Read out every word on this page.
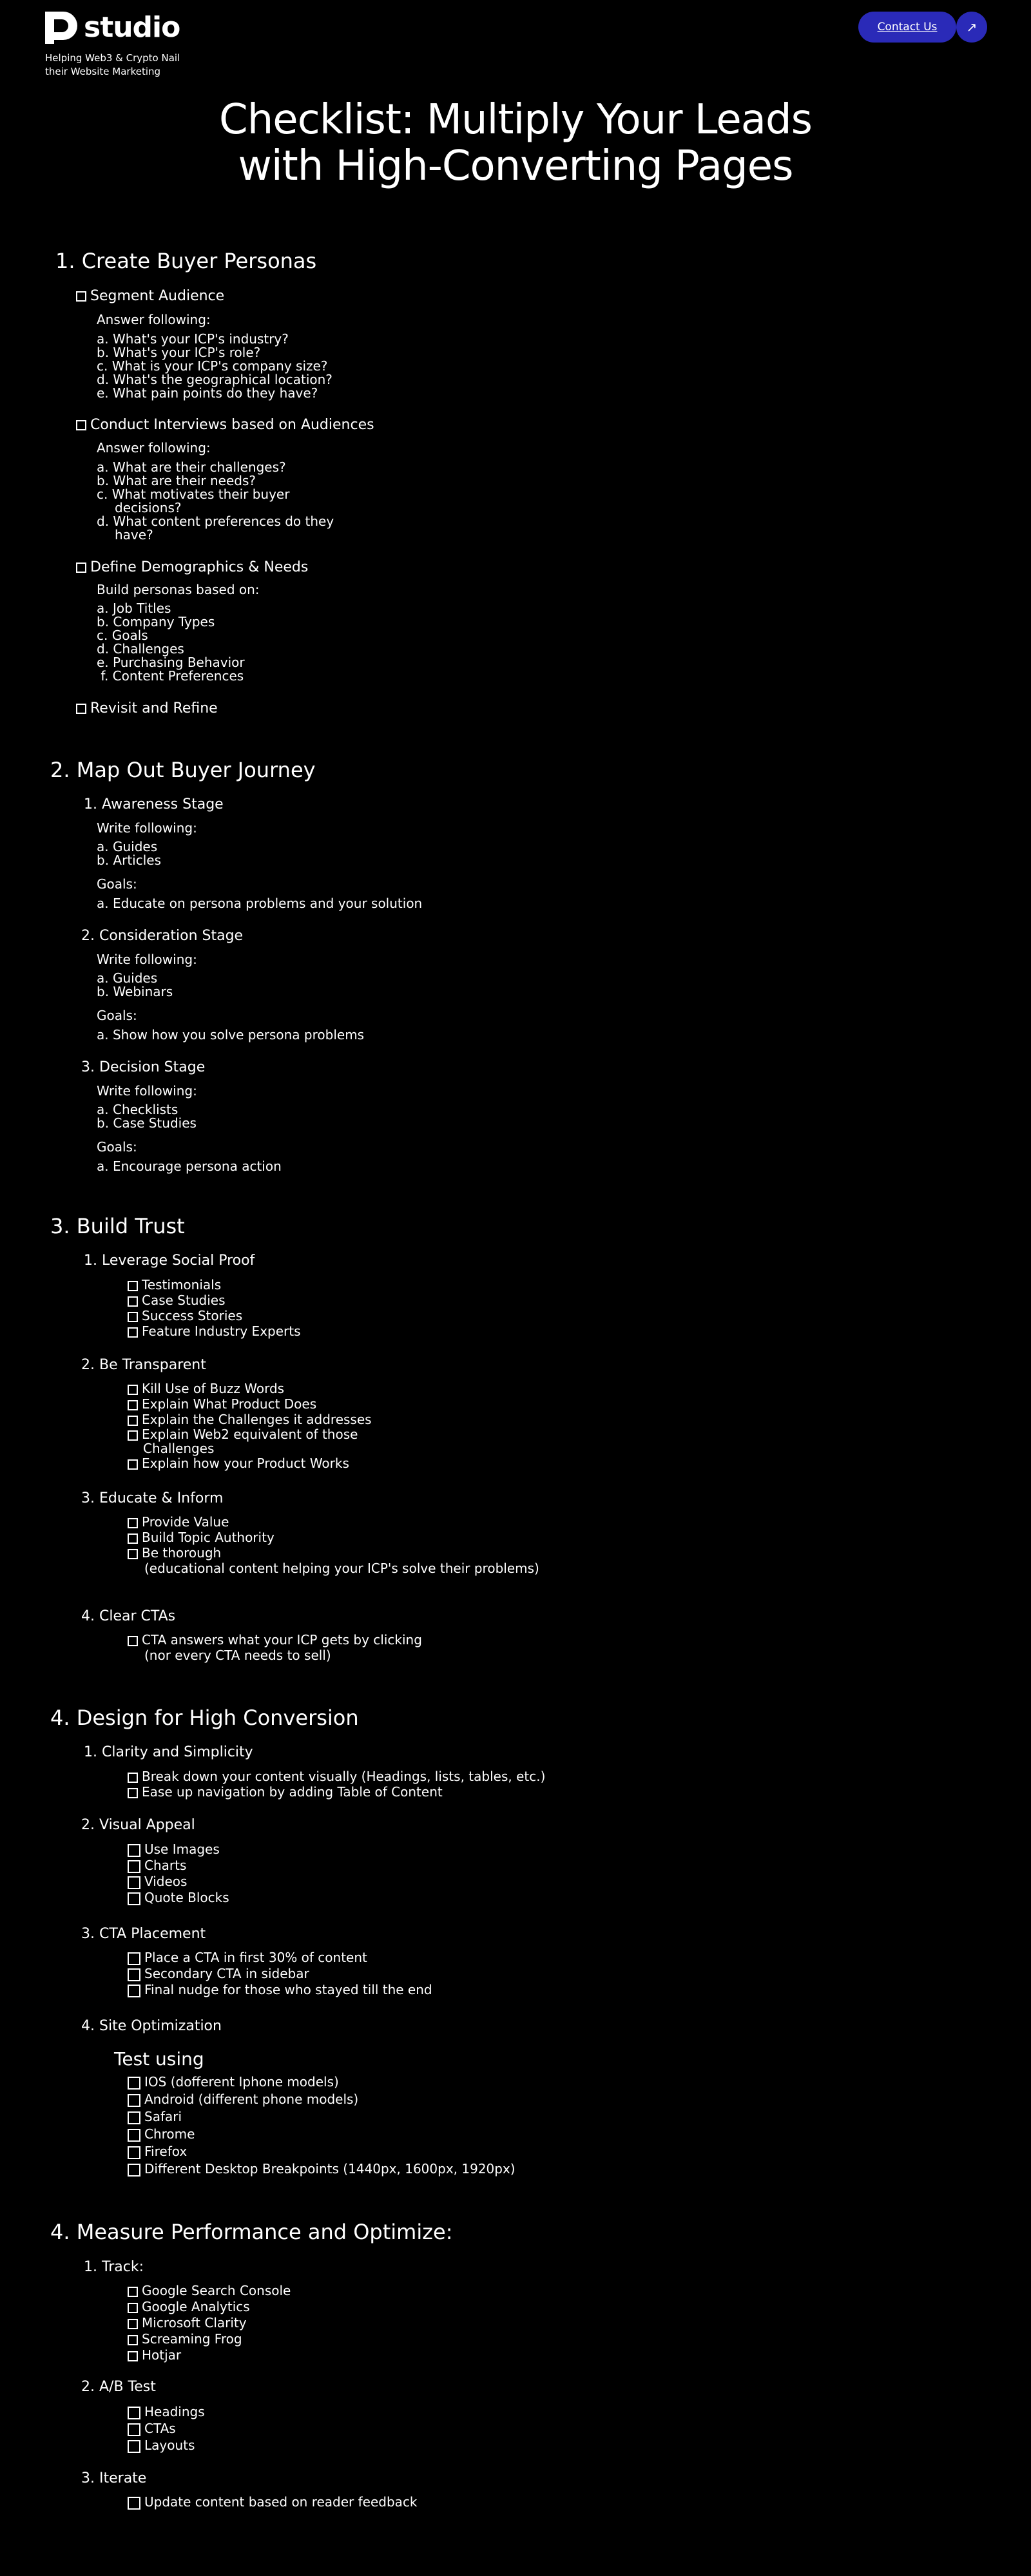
studio
Helping Web3 & Crypto Nail their Website Marketing
Contact Us	↗
Checklist: Multiply Your Leads
with High-Converting Pages
1. Create Buyer Personas
Segment Audience
Answer following:
a. What's your ICP's industry?
b. What's your ICP's role?
c. What is your ICP's company size?
d. What's the geographical location?
e. What pain points do they have?
Conduct Interviews based on Audiences
Answer following:
a. What are their challenges?
b. What are their needs?
c. What motivates their buyer decisions?
d. What content preferences do they have?
Define Demographics & Needs
Build personas based on:
a. Job Titles
b. Company Types
c. Goals
d. Challenges
e. Purchasing Behavior
f. Content Preferences
Revisit and Refine
2. Map Out Buyer Journey
1. Awareness Stage
Write following:
a. Guides
b. Articles
Goals:
a. Educate on persona problems and your solution
2. Consideration Stage
Write following:
a. Guides
b. Webinars
Goals:
a. Show how you solve persona problems
3. Decision Stage
Write following:
a. Checklists
b. Case Studies
Goals:
a. Encourage persona action
3. Build Trust
1. Leverage Social Proof
Testimonials
Case Studies
Success Stories
Feature Industry Experts
2. Be Transparent
Kill Use of Buzz Words
Explain What Product Does
Explain the Challenges it addresses
Explain Web2 equivalent of those Challenges
Explain how your Product Works
3. Educate & Inform
Provide Value
Build Topic Authority
Be thorough
(educational content helping your ICP's solve their problems)
4. Clear CTAs
CTA answers what your ICP gets by clicking
(nor every CTA needs to sell)
4. Design for High Conversion
1. Clarity and Simplicity
Break down your content visually (Headings, lists, tables, etc.)
Ease up navigation by adding Table of Content
2. Visual Appeal
Use Images
Charts
Videos
Quote Blocks
3. CTA Placement
Place a CTA in first 30% of content
Secondary CTA in sidebar
Final nudge for those who stayed till the end
4. Site Optimization
Test using
IOS (dofferent Iphone models)
Android (different phone models)
Safari
Chrome
Firefox
Different Desktop Breakpoints (1440px, 1600px, 1920px)
4. Measure Performance and Optimize:
1. Track:
Google Search Console
Google Analytics
Microsoft Clarity
Screaming Frog
Hotjar
2. A/B Test
Headings
CTAs
Layouts
3. Iterate
Update content based on reader feedback
